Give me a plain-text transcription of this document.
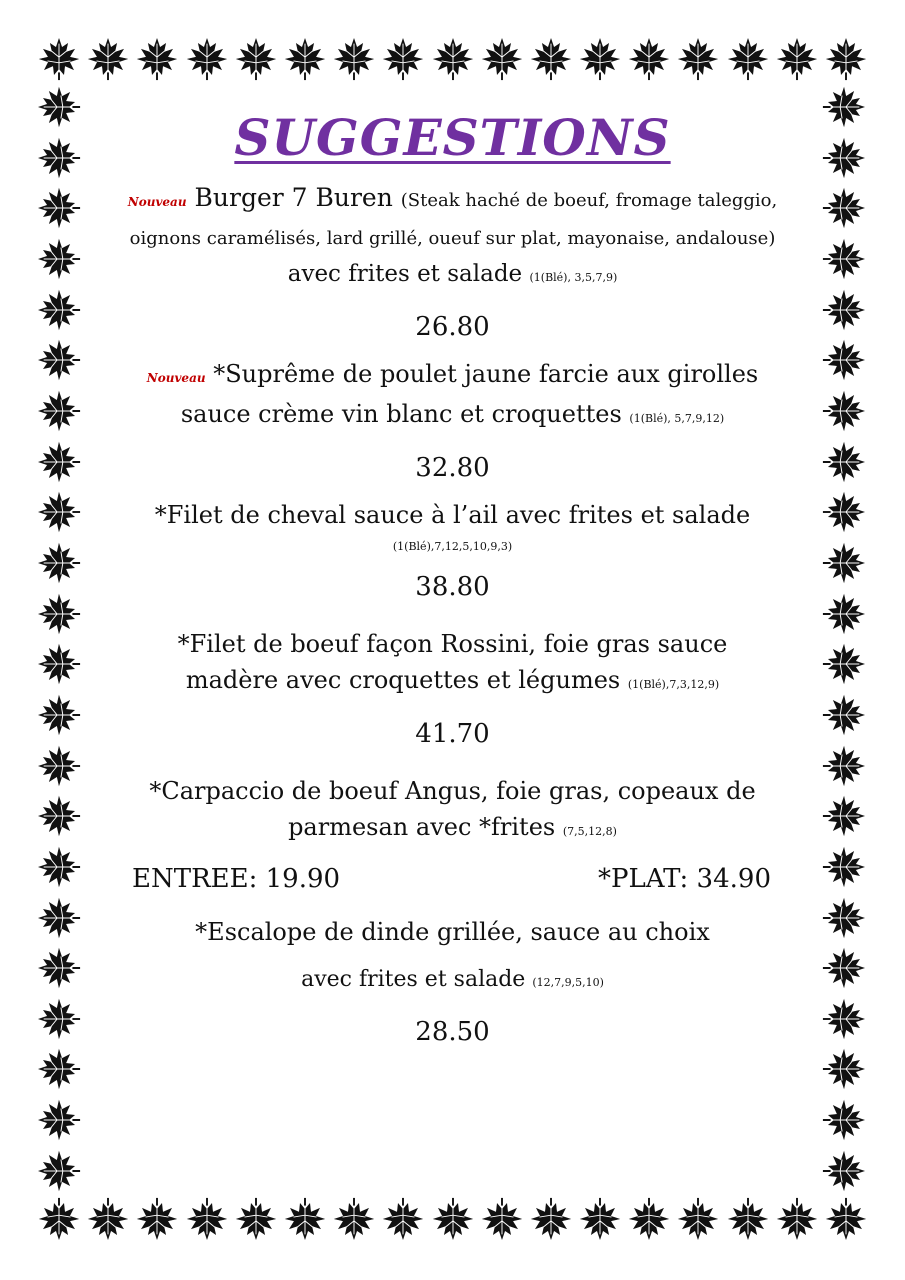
SUGGESTIONS

Nouveau Burger 7 Buren (Steak haché de boeuf, fromage taleggio, oignons caramélisés, lard grillé, oueuf sur plat, mayonaise, andalouse)

avec frites et salade (1(Blé), 3,5,7,9)

26.80

Nouveau *Suprême de poulet jaune farcie aux girolles

sauce crème vin blanc et croquettes (1(Blé), 5,7,9,12)

32.80

*Filet de cheval sauce à l’ail avec frites et salade

(1(Blé),7,12,5,10,9,3)

38.80

*Filet de boeuf façon Rossini, foie gras sauce

madère avec croquettes et légumes (1(Blé),7,3,12,9)

41.70

*Carpaccio de boeuf Angus, foie gras, copeaux de

parmesan avec *frites (7,5,12,8)

ENTREE: 19.90	*PLAT: 34.90

*Escalope de dinde grillée, sauce au choix

avec frites et salade (12,7,9,5,10)

28.50
